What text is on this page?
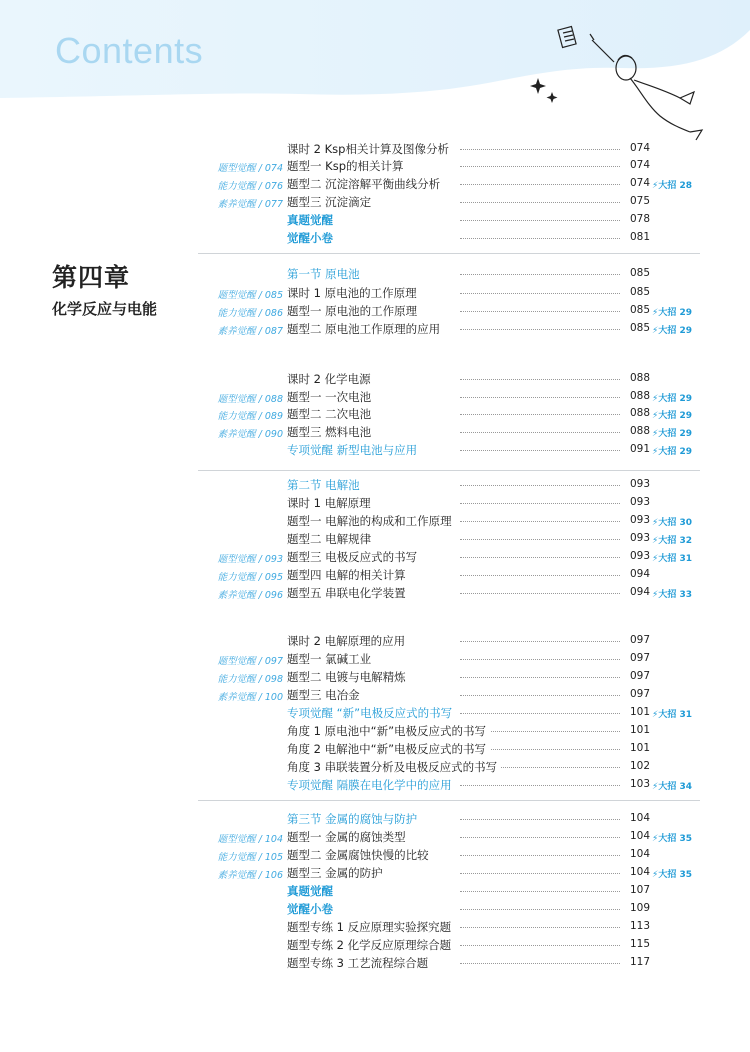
Contents
第四章
化学反应与电能
课时 2 Ksp相关计算及图像分析	074
题型觉醒 / 074 题型一 Ksp的相关计算	074
能力觉醒 / 076 题型二 沉淀溶解平衡曲线分析	074 ⚡大招 28
素养觉醒 / 077 题型三 沉淀滴定	075
真题觉醒	078
觉醒小卷	081
第一节 原电池	085
题型觉醒 / 085 课时 1 原电池的工作原理	085
能力觉醒 / 086 题型一 原电池的工作原理	085 ⚡大招 29
素养觉醒 / 087 题型二 原电池工作原理的应用	085 ⚡大招 29
课时 2 化学电源	088
题型觉醒 / 088 题型一 一次电池	088 ⚡大招 29
能力觉醒 / 089 题型二 二次电池	088 ⚡大招 29
素养觉醒 / 090 题型三 燃料电池	088 ⚡大招 29
专项觉醒 新型电池与应用	091 ⚡大招 29
第二节 电解池	093
课时 1 电解原理	093
题型一 电解池的构成和工作原理	093 ⚡大招 30
题型二 电解规律	093 ⚡大招 32
题型觉醒 / 093 题型三 电极反应式的书写	093 ⚡大招 31
能力觉醒 / 095 题型四 电解的相关计算	094
素养觉醒 / 096 题型五 串联电化学装置	094 ⚡大招 33
课时 2 电解原理的应用	097
题型觉醒 / 097 题型一 氯碱工业	097
能力觉醒 / 098 题型二 电镀与电解精炼	097
素养觉醒 / 100 题型三 电冶金	097
专项觉醒 “新”电极反应式的书写	101 ⚡大招 31
角度 1 原电池中“新”电极反应式的书写	101
角度 2 电解池中“新”电极反应式的书写	101
角度 3 串联装置分析及电极反应式的书写	102
专项觉醒 隔膜在电化学中的应用	103 ⚡大招 34
第三节 金属的腐蚀与防护	104
题型觉醒 / 104 题型一 金属的腐蚀类型	104 ⚡大招 35
能力觉醒 / 105 题型二 金属腐蚀快慢的比较	104
素养觉醒 / 106 题型三 金属的防护	104 ⚡大招 35
真题觉醒	107
觉醒小卷	109
题型专练 1 反应原理实验探究题	113
题型专练 2 化学反应原理综合题	115
题型专练 3 工艺流程综合题	117
